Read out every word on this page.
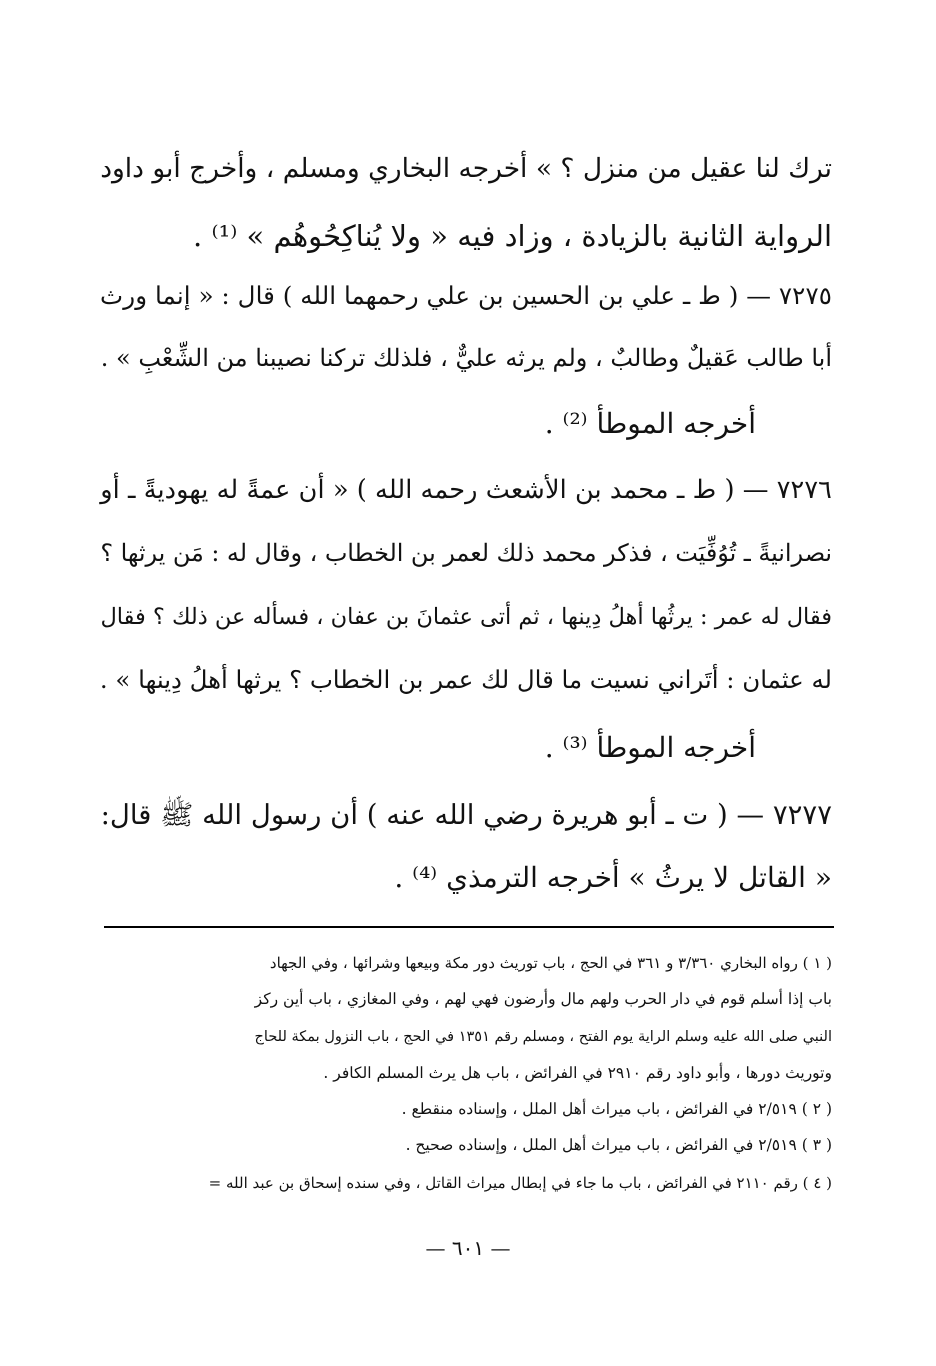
ترك لنا عقيل من منزل ؟ » أخرجه البخاري ومسلم ، وأخرج أبو داود
الرواية الثانية بالزيادة ، وزاد فيه « ولا يُناكِحُوهُم » ⁽¹⁾ .
٧٢٧٥ — ( ط ـ علي بن الحسين بن علي رحمهما الله ) قال : « إنما ورث
أبا طالب عَقيلٌ وطالبٌ ، ولم يرثه عليٌّ ، فلذلك تركنا نصيبنا من الشِّعْبِ » .
أخرجه الموطأ ⁽²⁾ .
٧٢٧٦ — ( ط ـ محمد بن الأشعث رحمه الله ) « أن عمةً له يهوديةً ـ أو
نصرانيةً ـ تُوُفِّيَت ، فذكر محمد ذلك لعمر بن الخطاب ، وقال له : مَن يرثها ؟
فقال له عمر : يرثُها أهلُ دِينها ، ثم أتى عثمانَ بن عفان ، فسأله عن ذلك ؟ فقال
له عثمان : أتَراني نسيت ما قال لك عمر بن الخطاب ؟ يرثها أهلُ دِينها » .
أخرجه الموطأ ⁽³⁾ .
٧٢٧٧ — ( ت ـ أبو هريرة رضي الله عنه ) أن رسول الله ﷺ قال:
« القاتل لا يرثُ » أخرجه الترمذي ⁽⁴⁾ .
( ١ ) رواه البخاري ٣/٣٦٠ و ٣٦١ في الحج ، باب توريث دور مكة وبيعها وشرائها ، وفي الجهاد
باب إذا أسلم قوم في دار الحرب ولهم مال وأرضون فهي لهم ، وفي المغازي ، باب أين ركز
النبي صلى الله عليه وسلم الراية يوم الفتح ، ومسلم رقم ١٣٥١ في الحج ، باب النزول بمكة للحاج
وتوريث دورها ، وأبو داود رقم ٢٩١٠ في الفرائض ، باب هل يرث المسلم الكافر .
( ٢ ) ٢/٥١٩ في الفرائض ، باب ميراث أهل الملل ، وإسناده منقطع .
( ٣ ) ٢/٥١٩ في الفرائض ، باب ميراث أهل الملل ، وإسناده صحيح .
( ٤ ) رقم ٢١١٠ في الفرائض ، باب ما جاء في إبطال ميراث القاتل ، وفي سنده إسحاق بن عبد الله =
— ٦٠١ —
